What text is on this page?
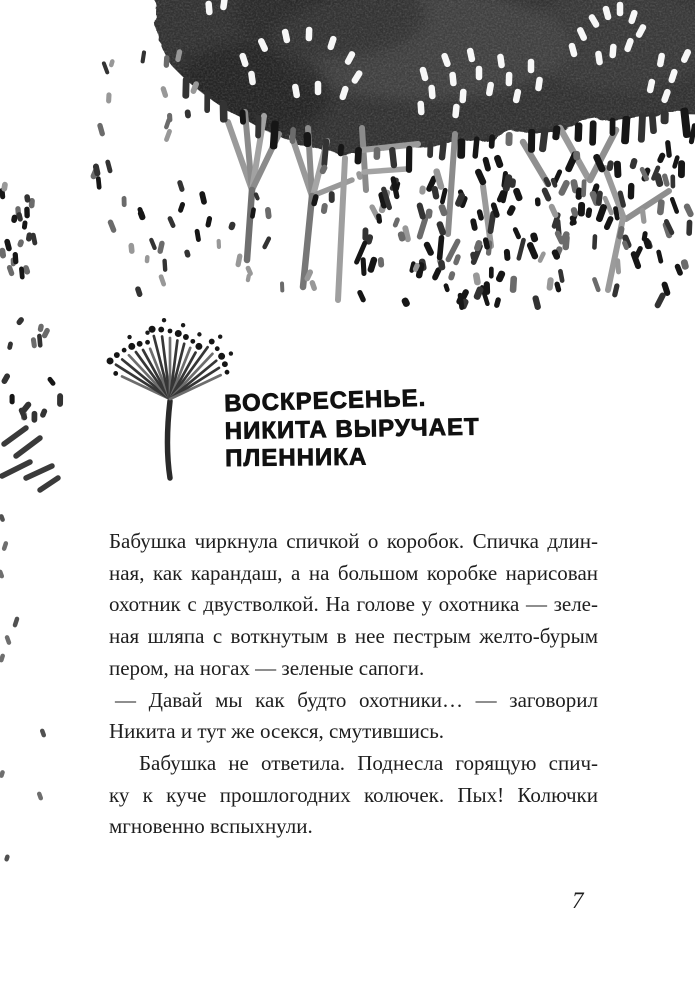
ВОСКРЕСЕНЬЕ.
НИКИТА ВЫРУЧАЕТ
ПЛЕННИКА
Бабушка чиркнула спичкой о коробок. Спичка длин-
ная, как карандаш, а на большом коробке нарисован
охотник с двустволкой. На голове у охотника — зеле-
ная шляпа с воткнутым в нее пестрым желто-бурым
пером, на ногах — зеленые сапоги.
— Давай мы как будто охотники… — заговорил
Никита и тут же осекся, смутившись.
Бабушка не ответила. Поднесла горящую спич-
ку к куче прошлогодних колючек. Пых! Колючки
мгновенно вспыхнули.
7
